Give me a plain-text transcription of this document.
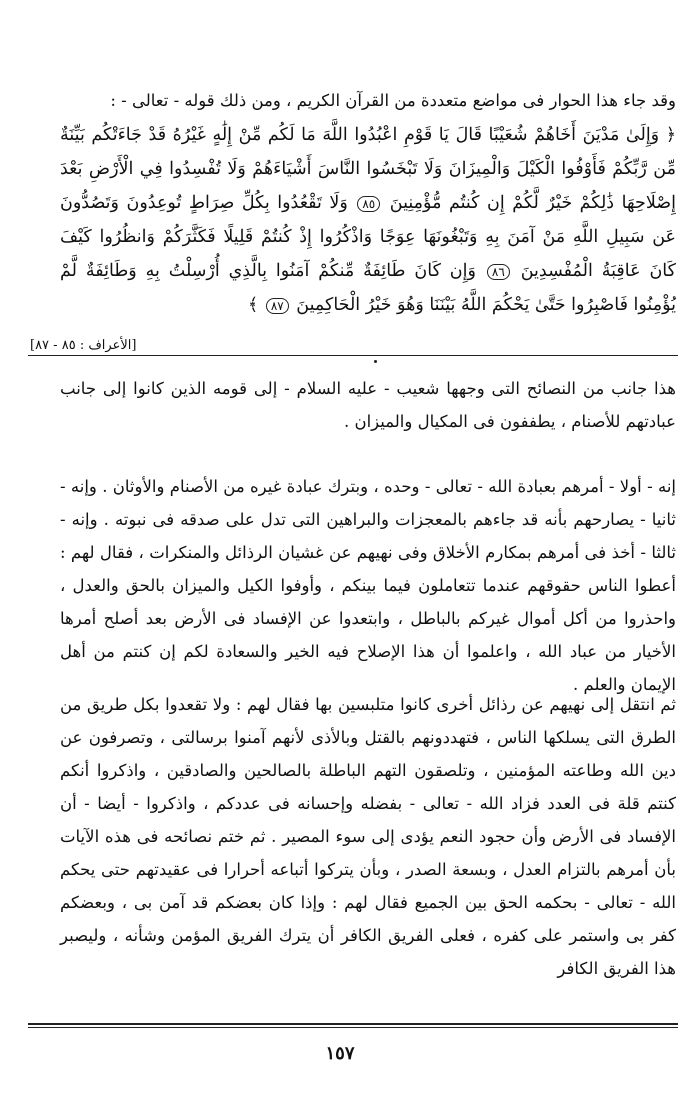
وقد جاء هذا الحوار فى مواضع متعددة من القرآن الكريم ، ومن ذلك قوله - تعالى - :

﴿ وَإِلَىٰ مَدْيَنَ أَخَاهُمْ شُعَيْبًا قَالَ يَا قَوْمِ اعْبُدُوا اللَّهَ مَا لَكُم مِّنْ إِلَٰهٍ غَيْرُهُ قَدْ جَاءَتْكُم بَيِّنَةٌ مِّن رَّبِّكُمْ فَأَوْفُوا الْكَيْلَ وَالْمِيزَانَ وَلَا تَبْخَسُوا النَّاسَ أَشْيَاءَهُمْ وَلَا تُفْسِدُوا فِي الْأَرْضِ بَعْدَ إِصْلَاحِهَا ذَٰلِكُمْ خَيْرٌ لَّكُمْ إِن كُنتُم مُّؤْمِنِينَ ٨٥ وَلَا تَقْعُدُوا بِكُلِّ صِرَاطٍ تُوعِدُونَ وَتَصُدُّونَ عَن سَبِيلِ اللَّهِ مَنْ آمَنَ بِهِ وَتَبْغُونَهَا عِوَجًا وَاذْكُرُوا إِذْ كُنتُمْ قَلِيلًا فَكَثَّرَكُمْ وَانظُرُوا كَيْفَ كَانَ عَاقِبَةُ الْمُفْسِدِينَ ٨٦ وَإِن كَانَ طَائِفَةٌ مِّنكُمْ آمَنُوا بِالَّذِي أُرْسِلْتُ بِهِ وَطَائِفَةٌ لَّمْ يُؤْمِنُوا فَاصْبِرُوا حَتَّىٰ يَحْكُمَ اللَّهُ بَيْنَنَا وَهُوَ خَيْرُ الْحَاكِمِينَ ٨٧ ﴾

[الأعراف : ٨٥ - ٨٧]

هذا جانب من النصائح التى وجهها شعيب - عليه السلام - إلى قومه الذين كانوا إلى جانب عبادتهم للأصنام ، يطففون فى المكيال والميزان .

إنه - أولا - أمرهم بعبادة الله - تعالى - وحده ، وبترك عبادة غيره من الأصنام والأوثان . وإنه - ثانيا - يصارحهم بأنه قد جاءهم بالمعجزات والبراهين التى تدل على صدقه فى نبوته . وإنه - ثالثا - أخذ فى أمرهم بمكارم الأخلاق وفى نهيهم عن غشيان الرذائل والمنكرات ، فقال لهم : أعطوا الناس حقوقهم عندما تتعاملون فيما بينكم ، وأوفوا الكيل والميزان بالحق والعدل ، واحذروا من أكل أموال غيركم بالباطل ، وابتعدوا عن الإفساد فى الأرض بعد أصلح أمرها الأخيار من عباد الله ، واعلموا أن هذا الإصلاح فيه الخير والسعادة لكم إن كنتم من أهل الإيمان والعلم .

ثم انتقل إلى نهيهم عن رذائل أخرى كانوا متلبسين بها فقال لهم : ولا تقعدوا بكل طريق من الطرق التى يسلكها الناس ، فتهددونهم بالقتل وبالأذى لأنهم آمنوا برسالتى ، وتصرفون عن دين الله وطاعته المؤمنين ، وتلصقون التهم الباطلة بالصالحين والصادقين ، واذكروا أنكم كنتم قلة فى العدد فزاد الله - تعالى - بفضله وإحسانه فى عددكم ، واذكروا - أيضا - أن الإفساد فى الأرض وأن حجود النعم يؤدى إلى سوء المصير . ثم ختم نصائحه فى هذه الآيات بأن أمرهم بالتزام العدل ، وبسعة الصدر ، وبأن يتركوا أتباعه أحرارا فى عقيدتهم حتى يحكم الله - تعالى - بحكمه الحق بين الجميع فقال لهم : وإذا كان بعضكم قد آمن بى ، وبعضكم كفر بى واستمر على كفره ، فعلى الفريق الكافر أن يترك الفريق المؤمن وشأنه ، وليصبر هذا الفريق الكافر

١٥٧
